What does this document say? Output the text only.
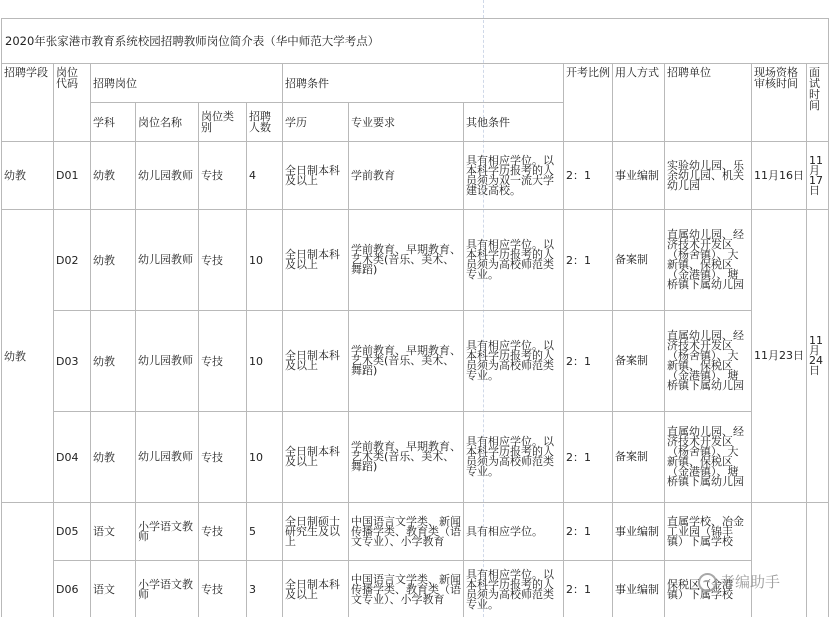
2020年张家港市教育系统校园招聘教师岗位简介表（华中师范大学考点）													
招聘学段	岗位代码	招聘岗位				招聘条件			开考比例	用人方式	招聘单位	现场资格审核时间	面试时间
		学科	岗位名称	岗位类别	招聘人数	学历	专业要求	其他条件					
幼教	D01	幼教	幼儿园教师	专技	4	全日制本科及以上	学前教育	具有相应学位。以本科学历报考的人员须为双一流大学建设高校。	2：1	事业编制	实验幼儿园、乐余幼儿园、机关幼儿园	11月16日	11月17日
幼教	D02	幼教	幼儿园教师	专技	10	全日制本科及以上	学前教育、早期教育、艺术类(音乐、美术、舞蹈)	具有相应学位。以本科学历报考的人员须为高校师范类专业。	2：1	备案制	直属幼儿园、经济技术开发区（杨舍镇）、大新镇、保税区（金港镇）、塘桥镇下属幼儿园	11月23日	11月24日
	D03	幼教	幼儿园教师	专技	10	全日制本科及以上	学前教育、早期教育、艺术类(音乐、美术、舞蹈)	具有相应学位。以本科学历报考的人员须为高校师范类专业。	2：1	备案制	直属幼儿园、经济技术开发区（杨舍镇）、大新镇、保税区（金港镇）、塘桥镇下属幼儿园		
	D04	幼教	幼儿园教师	专技	10	全日制本科及以上	学前教育、早期教育、艺术类(音乐、美术、舞蹈)	具有相应学位。以本科学历报考的人员须为高校师范类专业。	2：1	备案制	直属幼儿园、经济技术开发区（杨舍镇）、大新镇、保税区（金港镇）、塘桥镇下属幼儿园		
	D05	语文	小学语文教师	专技	5	全日制硕士研究生及以上	中国语言文学类、新闻传播学类、教育类（语文专业）、小学教育	具有相应学位。	2：1	事业编制	直属学校、冶金工业园（锦丰镇）下属学校		
	D06	语文	小学语文教师	专技	3	全日制本科及以上	中国语言文学类、新闻传播学类、教育类（语文专业）、小学教育	具有相应学位。以本科学历报考的人员须为高校师范类专业。	2：1	事业编制	保税区（金港镇）下属学校		
考编助手
